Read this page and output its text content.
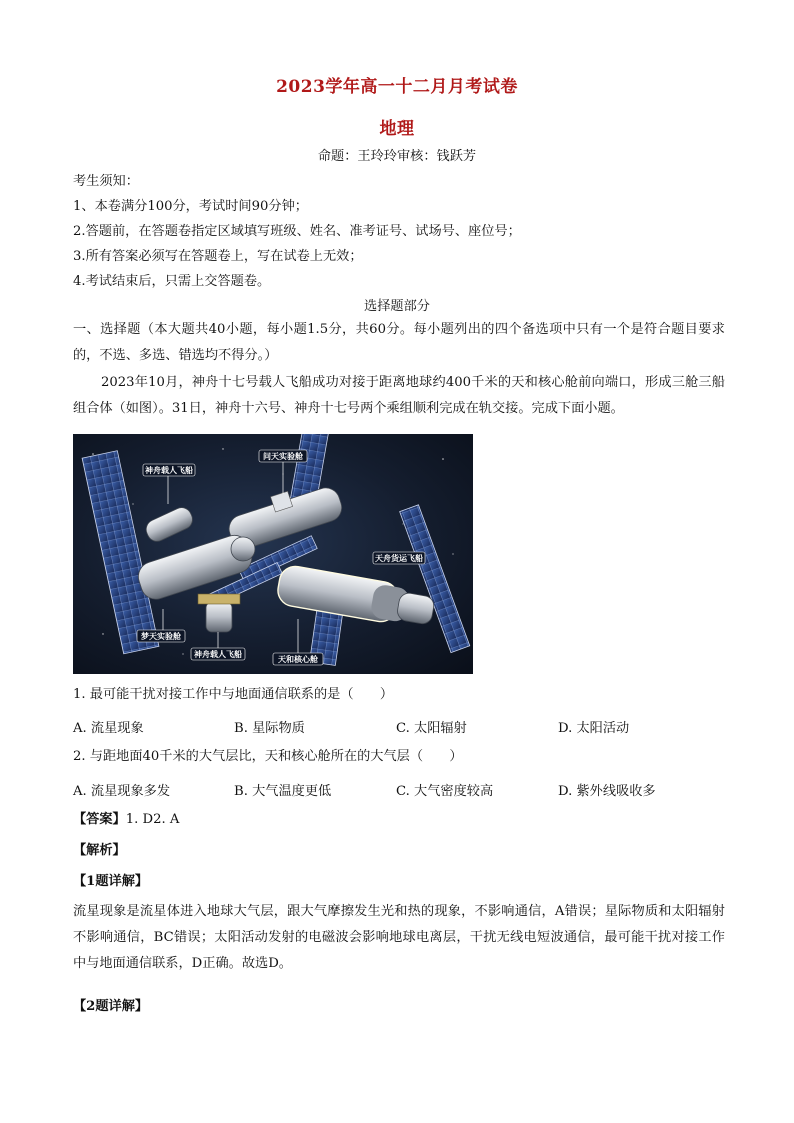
2023学年高一十二月月考试卷
地理
命题：王玲玲审核：钱跃芳
考生须知：
1、本卷满分100分，考试时间90分钟；
2.答题前，在答题卷指定区域填写班级、姓名、准考证号、试场号、座位号；
3.所有答案必须写在答题卷上，写在试卷上无效；
4.考试结束后，只需上交答题卷。
选择题部分
一、选择题（本大题共40小题，每小题1.5分，共60分。每小题列出的四个备选项中只有一个是符合题目要求的，不选、多选、错选均不得分。）
2023年10月，神舟十七号载人飞船成功对接于距离地球约400千米的天和核心舱前向端口，形成三舱三船组合体（如图）。31日，神舟十六号、神舟十七号两个乘组顺利完成在轨交接。完成下面小题。
神舟载人飞船
问天实验舱
天舟货运飞船
梦天实验舱
神舟载人飞船
天和核心舱
1. 最可能干扰对接工作中与地面通信联系的是（　　）
A. 流星现象	B. 星际物质	C. 太阳辐射	D. 太阳活动
2. 与距地面40千米的大气层比，天和核心舱所在的大气层（　　）
A. 流星现象多发	B. 大气温度更低	C. 大气密度较高	D. 紫外线吸收多
【答案】1. D2. A
【解析】
【1题详解】
流星现象是流星体进入地球大气层，跟大气摩擦发生光和热的现象，不影响通信，A错误；星际物质和太阳辐射不影响通信，BC错误；太阳活动发射的电磁波会影响地球电离层，干扰无线电短波通信，最可能干扰对接工作中与地面通信联系，D正确。故选D。
【2题详解】
